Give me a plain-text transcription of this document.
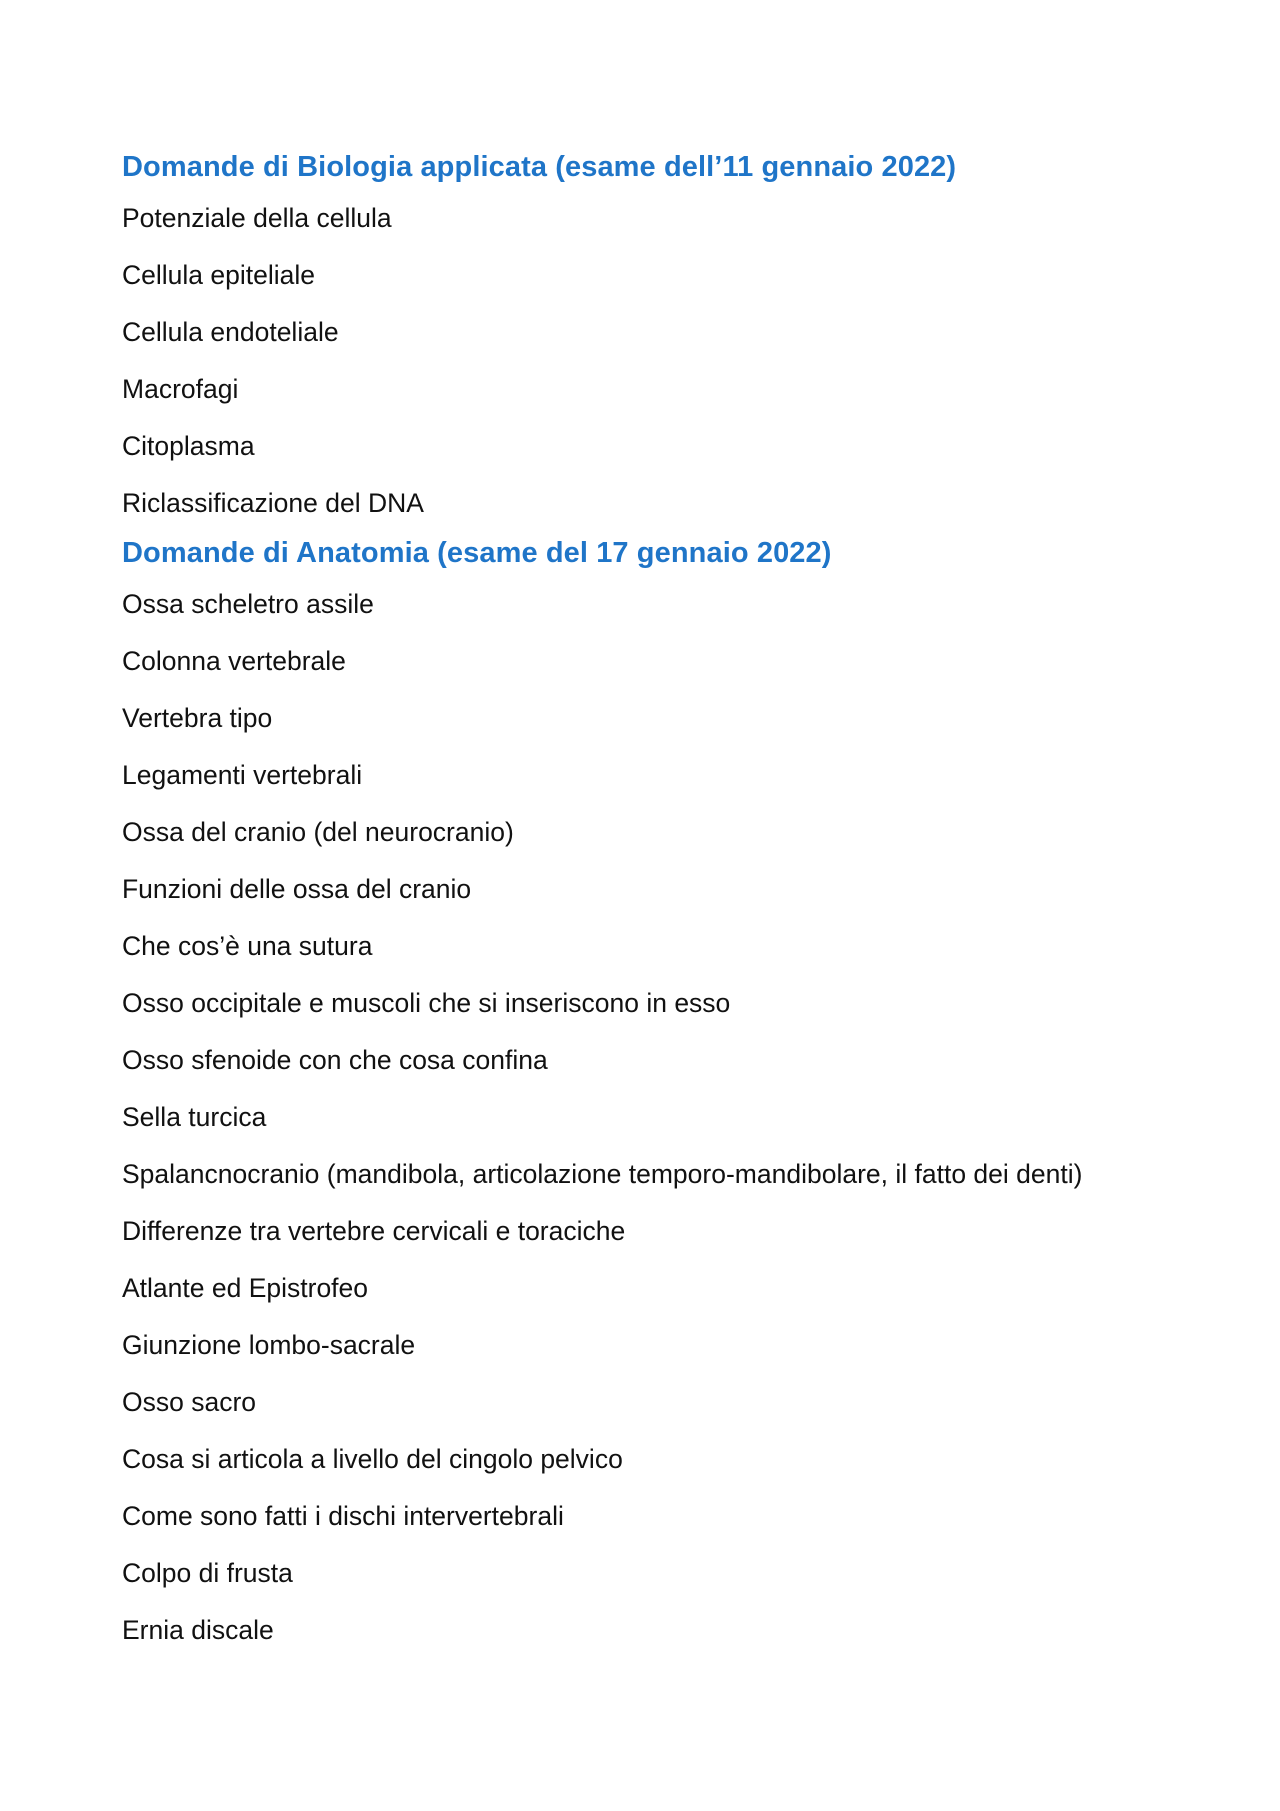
Domande di Biologia applicata (esame dell’11 gennaio 2022)
Potenziale della cellula
Cellula epiteliale
Cellula endoteliale
Macrofagi
Citoplasma
Riclassificazione del DNA
Domande di Anatomia (esame del 17 gennaio 2022)
Ossa scheletro assile
Colonna vertebrale
Vertebra tipo
Legamenti vertebrali
Ossa del cranio (del neurocranio)
Funzioni delle ossa del cranio
Che cos’è una sutura
Osso occipitale e muscoli che si inseriscono in esso
Osso sfenoide con che cosa confina
Sella turcica
Spalancnocranio (mandibola, articolazione temporo-mandibolare, il fatto dei denti)
Differenze tra vertebre cervicali e toraciche
Atlante ed Epistrofeo
Giunzione lombo-sacrale
Osso sacro
Cosa si articola a livello del cingolo pelvico
Come sono fatti i dischi intervertebrali
Colpo di frusta
Ernia discale
